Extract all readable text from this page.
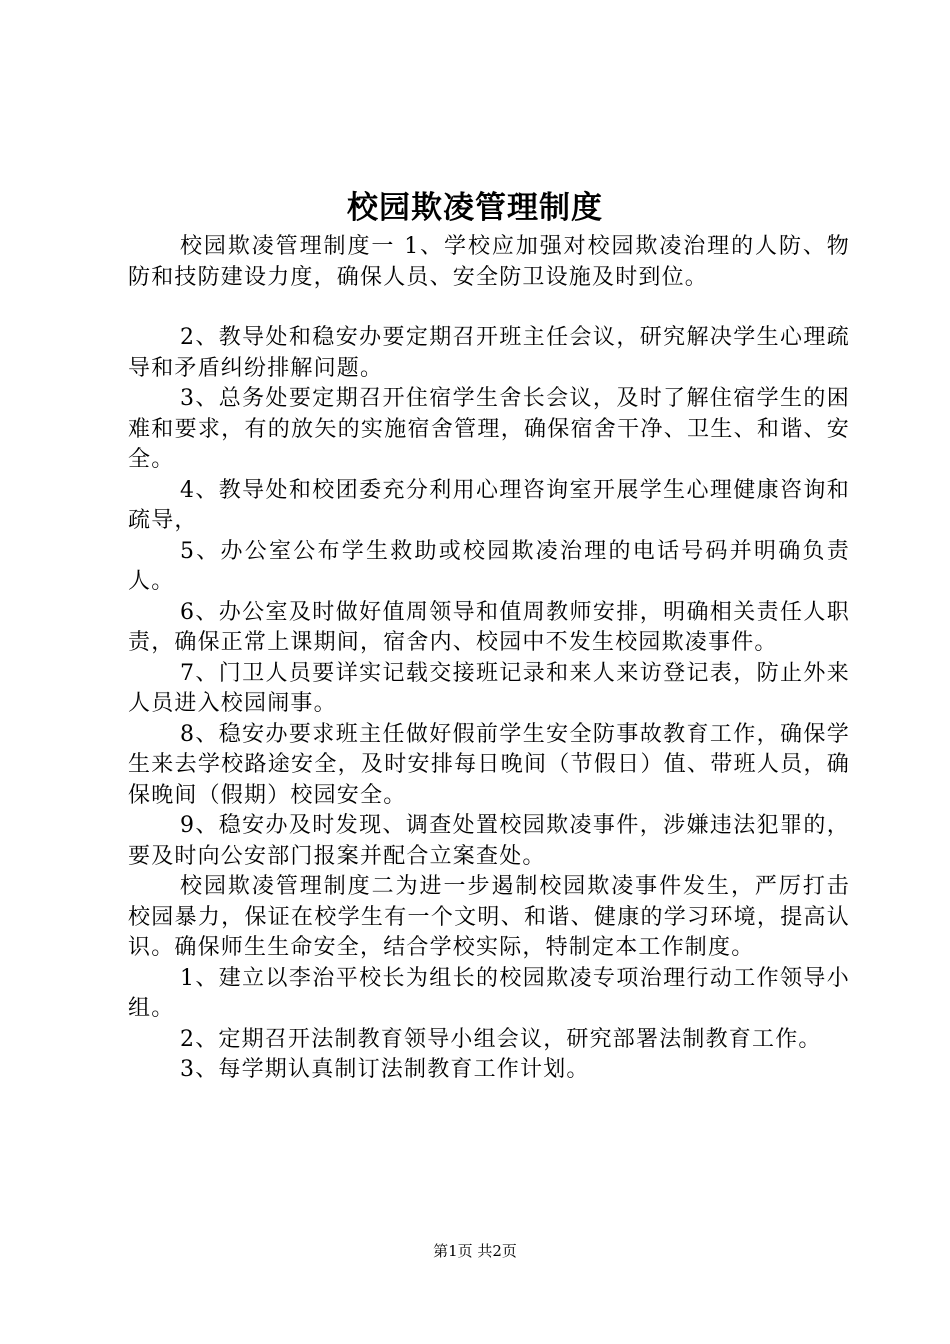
校园欺凌管理制度

校园欺凌管理制度一 1、学校应加强对校园欺凌治理的人防、物防和技防建设力度，确保人员、安全防卫设施及时到位。

2、教导处和稳安办要定期召开班主任会议，研究解决学生心理疏导和矛盾纠纷排解问题。

3、总务处要定期召开住宿学生舍长会议，及时了解住宿学生的困难和要求，有的放矢的实施宿舍管理，确保宿舍干净、卫生、和谐、安全。

4、教导处和校团委充分利用心理咨询室开展学生心理健康咨询和疏导，

5、办公室公布学生救助或校园欺凌治理的电话号码并明确负责人。

6、办公室及时做好值周领导和值周教师安排，明确相关责任人职责，确保正常上课期间，宿舍内、校园中不发生校园欺凌事件。

7、门卫人员要详实记载交接班记录和来人来访登记表，防止外来人员进入校园闹事。

8、稳安办要求班主任做好假前学生安全防事故教育工作，确保学生来去学校路途安全，及时安排每日晚间（节假日）值、带班人员，确保晚间（假期）校园安全。

9、稳安办及时发现、调查处置校园欺凌事件，涉嫌违法犯罪的，要及时向公安部门报案并配合立案查处。

校园欺凌管理制度二为进一步遏制校园欺凌事件发生，严厉打击校园暴力，保证在校学生有一个文明、和谐、健康的学习环境，提高认识。确保师生生命安全，结合学校实际，特制定本工作制度。

1、建立以李治平校长为组长的校园欺凌专项治理行动工作领导小组。

2、定期召开法制教育领导小组会议，研究部署法制教育工作。

3、每学期认真制订法制教育工作计划。

第1页 共2页
